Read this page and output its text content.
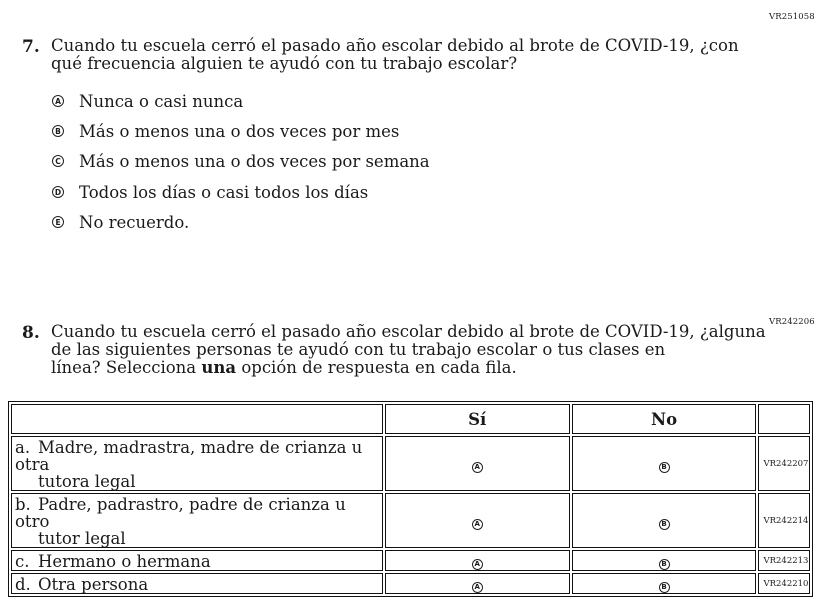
VR251058
7. Cuando tu escuela cerró el pasado año escolar debido al brote de COVID-19, ¿con
qué frecuencia alguien te ayudó con tu trabajo escolar?
A Nunca o casi nunca
B Más o menos una o dos veces por mes
C Más o menos una o dos veces por semana
D Todos los días o casi todos los días
E No recuerdo.
VR242206
8. Cuando tu escuela cerró el pasado año escolar debido al brote de COVID-19, ¿alguna
de las siguientes personas te ayudó con tu trabajo escolar o tus clases en
línea? Selecciona una opción de respuesta en cada fila.
	Sí	No	

a. Madre, madrastra, madre de crianza u otra
tutora legal	A	B	VR242207

b. Padre, padrastro, padre de crianza u otro
tutor legal	A	B	VR242214

c. Hermano o hermana	A	B	VR242213

d. Otra persona	A	B	VR242210
